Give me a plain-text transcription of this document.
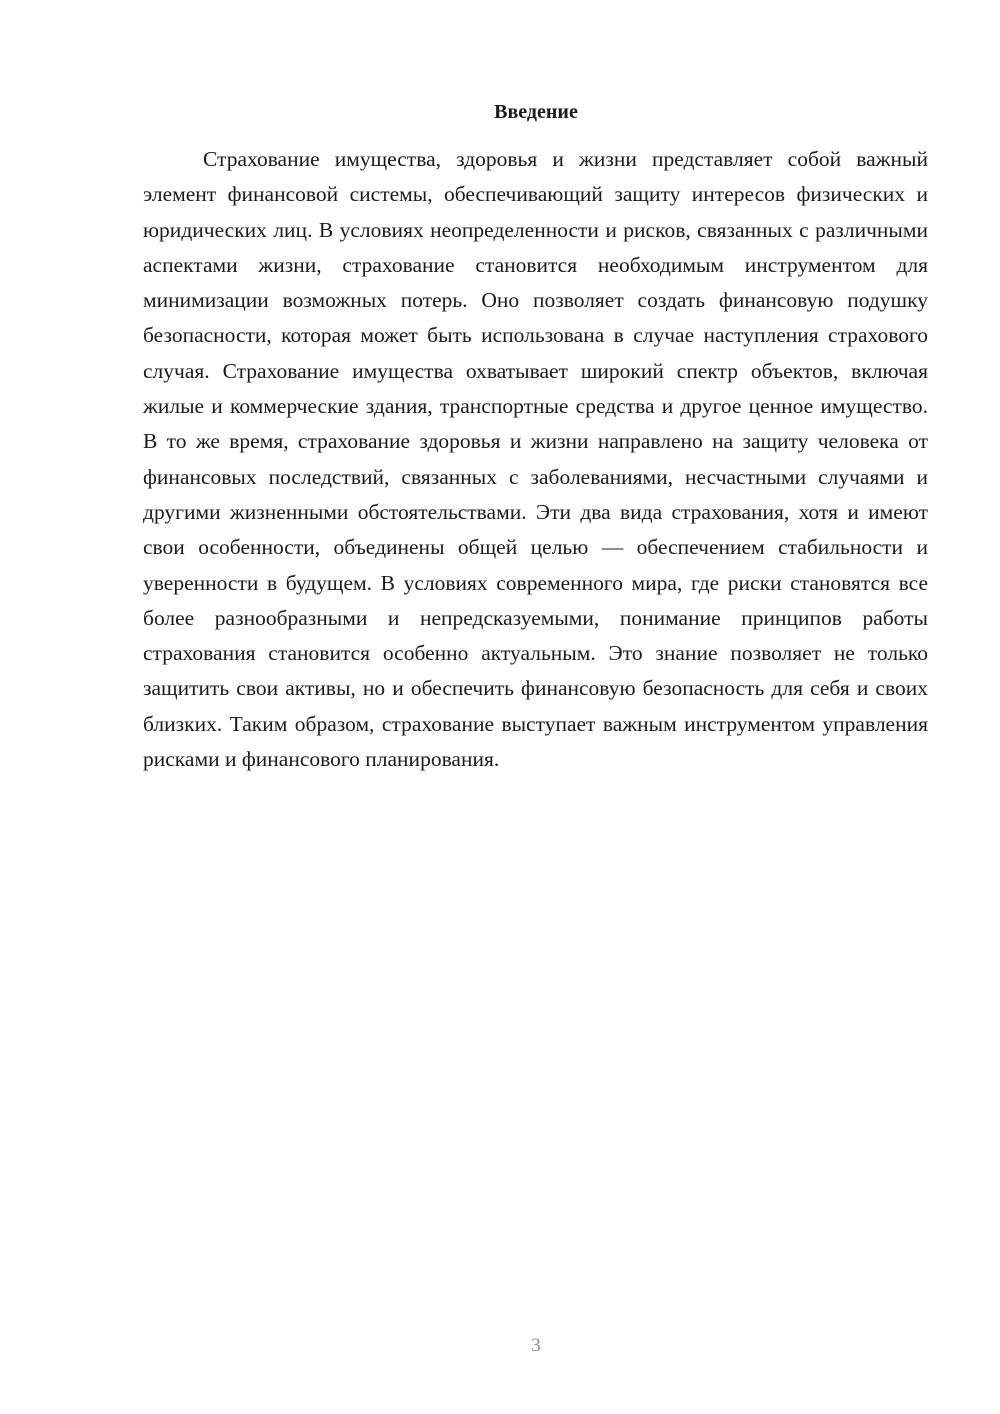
Введение

Страхование имущества, здоровья и жизни представляет собой важный элемент финансовой системы, обеспечивающий защиту интересов физических и юридических лиц. В условиях неопределенности и рисков, связанных с различными аспектами жизни, страхование становится необходимым инструментом для минимизации возможных потерь. Оно позволяет создать финансовую подушку безопасности, которая может быть использована в случае наступления страхового случая. Страхование имущества охватывает широкий спектр объектов, включая жилые и коммерческие здания, транспортные средства и другое ценное имущество. В то же время, страхование здоровья и жизни направлено на защиту человека от финансовых последствий, связанных с заболеваниями, несчастными случаями и другими жизненными обстоятельствами. Эти два вида страхования, хотя и имеют свои особенности, объединены общей целью — обеспечением стабильности и уверенности в будущем. В условиях современного мира, где риски становятся все более разнообразными и непредсказуемыми, понимание принципов работы страхования становится особенно актуальным. Это знание позволяет не только защитить свои активы, но и обеспечить финансовую безопасность для себя и своих близких. Таким образом, страхование выступает важным инструментом управления рисками и финансового планирования.

3
